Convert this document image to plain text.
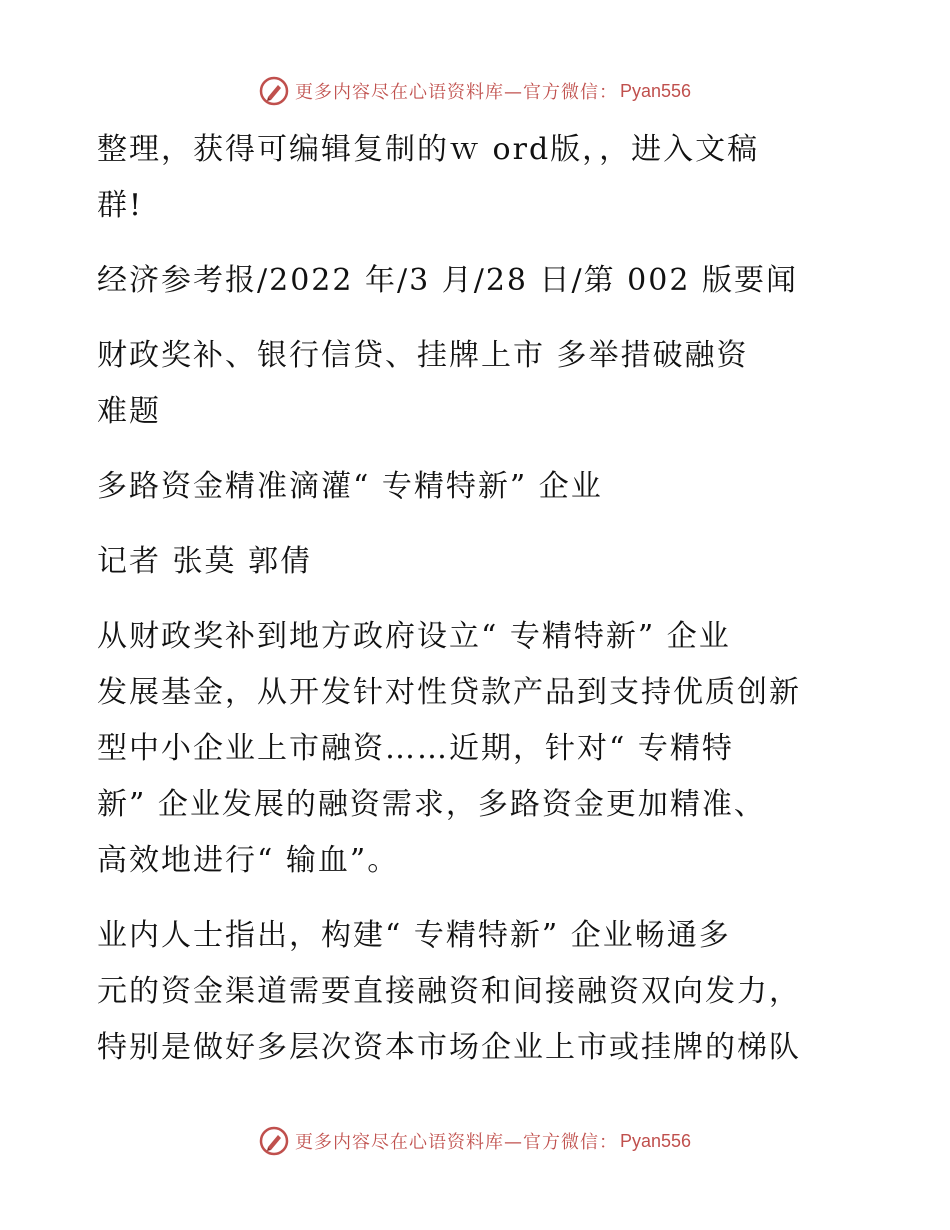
更多内容尽在心语资料库—官方微信： Pyan556

整理，获得可编辑复制的ｗ ord版，，进入文稿
群!

经济参考报/2022 年/3 月/28 日/第 002 版要闻

财政奖补、银行信贷、挂牌上市 多举措破融资
难题

多路资金精准滴灌“ 专精特新” 企业

记者 张莫 郭倩

从财政奖补到地方政府设立“ 专精特新” 企业
发展基金，从开发针对性贷款产品到支持优质创新
型中小企业上市融资……近期，针对“ 专精特
新” 企业发展的融资需求，多路资金更加精准、
高效地进行“ 输血”。

业内人士指出，构建“ 专精特新” 企业畅通多
元的资金渠道需要直接融资和间接融资双向发力，
特别是做好多层次资本市场企业上市或挂牌的梯队

更多内容尽在心语资料库—官方微信： Pyan556
